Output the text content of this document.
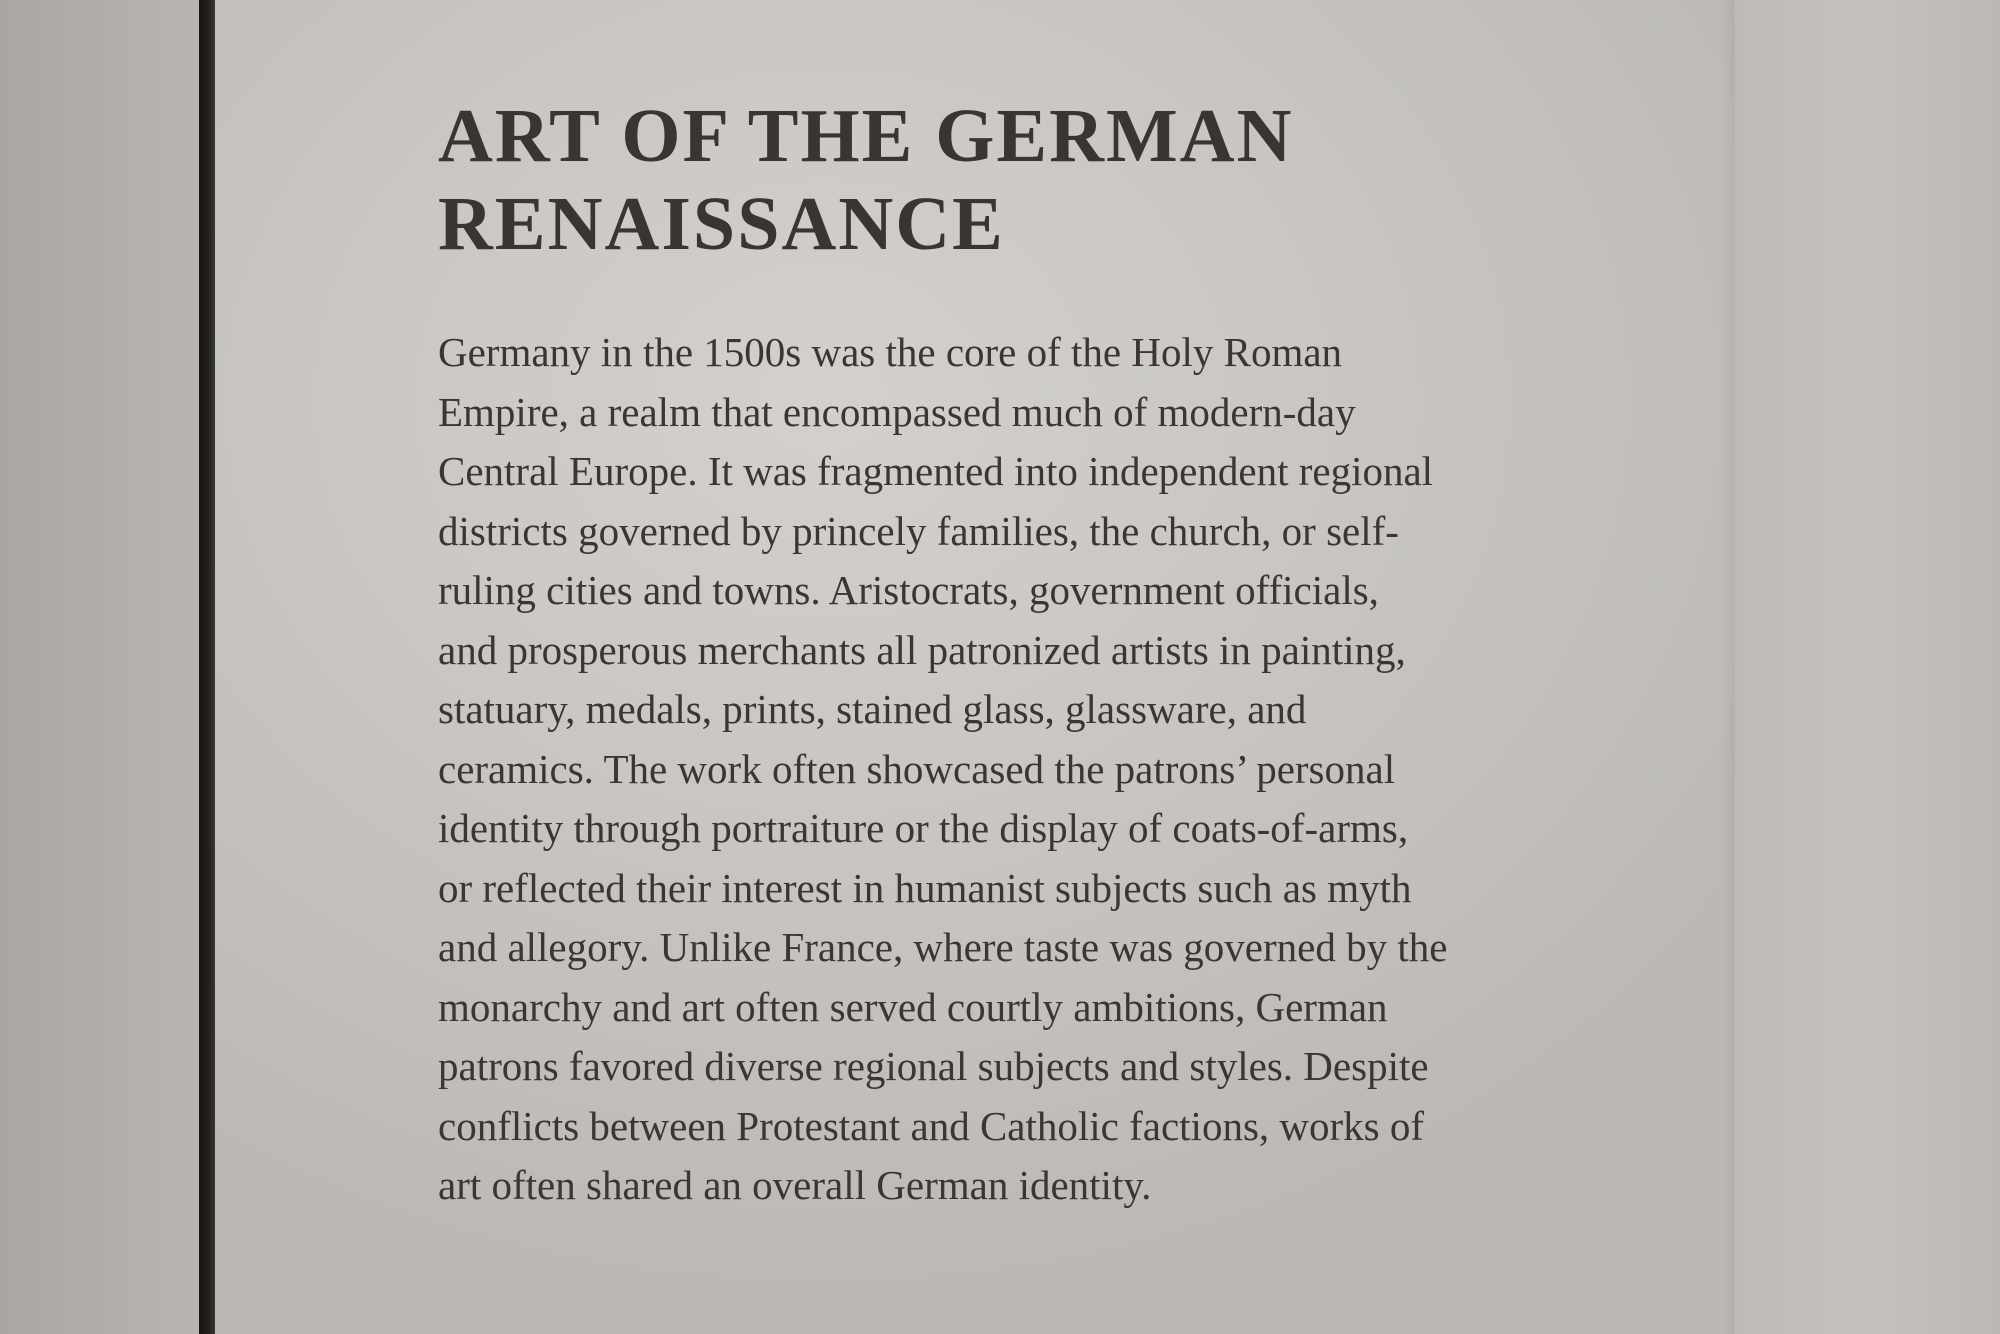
ART OF THE GERMAN
RENAISSANCE
Germany in the 1500s was the core of the Holy Roman
Empire, a realm that encompassed much of modern-day
Central Europe. It was fragmented into independent regional
districts governed by princely families, the church, or self-
ruling cities and towns. Aristocrats, government officials,
and prosperous merchants all patronized artists in painting,
statuary, medals, prints, stained glass, glassware, and
ceramics. The work often showcased the patrons’ personal
identity through portraiture or the display of coats-of-arms,
or reflected their interest in humanist subjects such as myth
and allegory. Unlike France, where taste was governed by the
monarchy and art often served courtly ambitions, German
patrons favored diverse regional subjects and styles. Despite
conflicts between Protestant and Catholic factions, works of
art often shared an overall German identity.
